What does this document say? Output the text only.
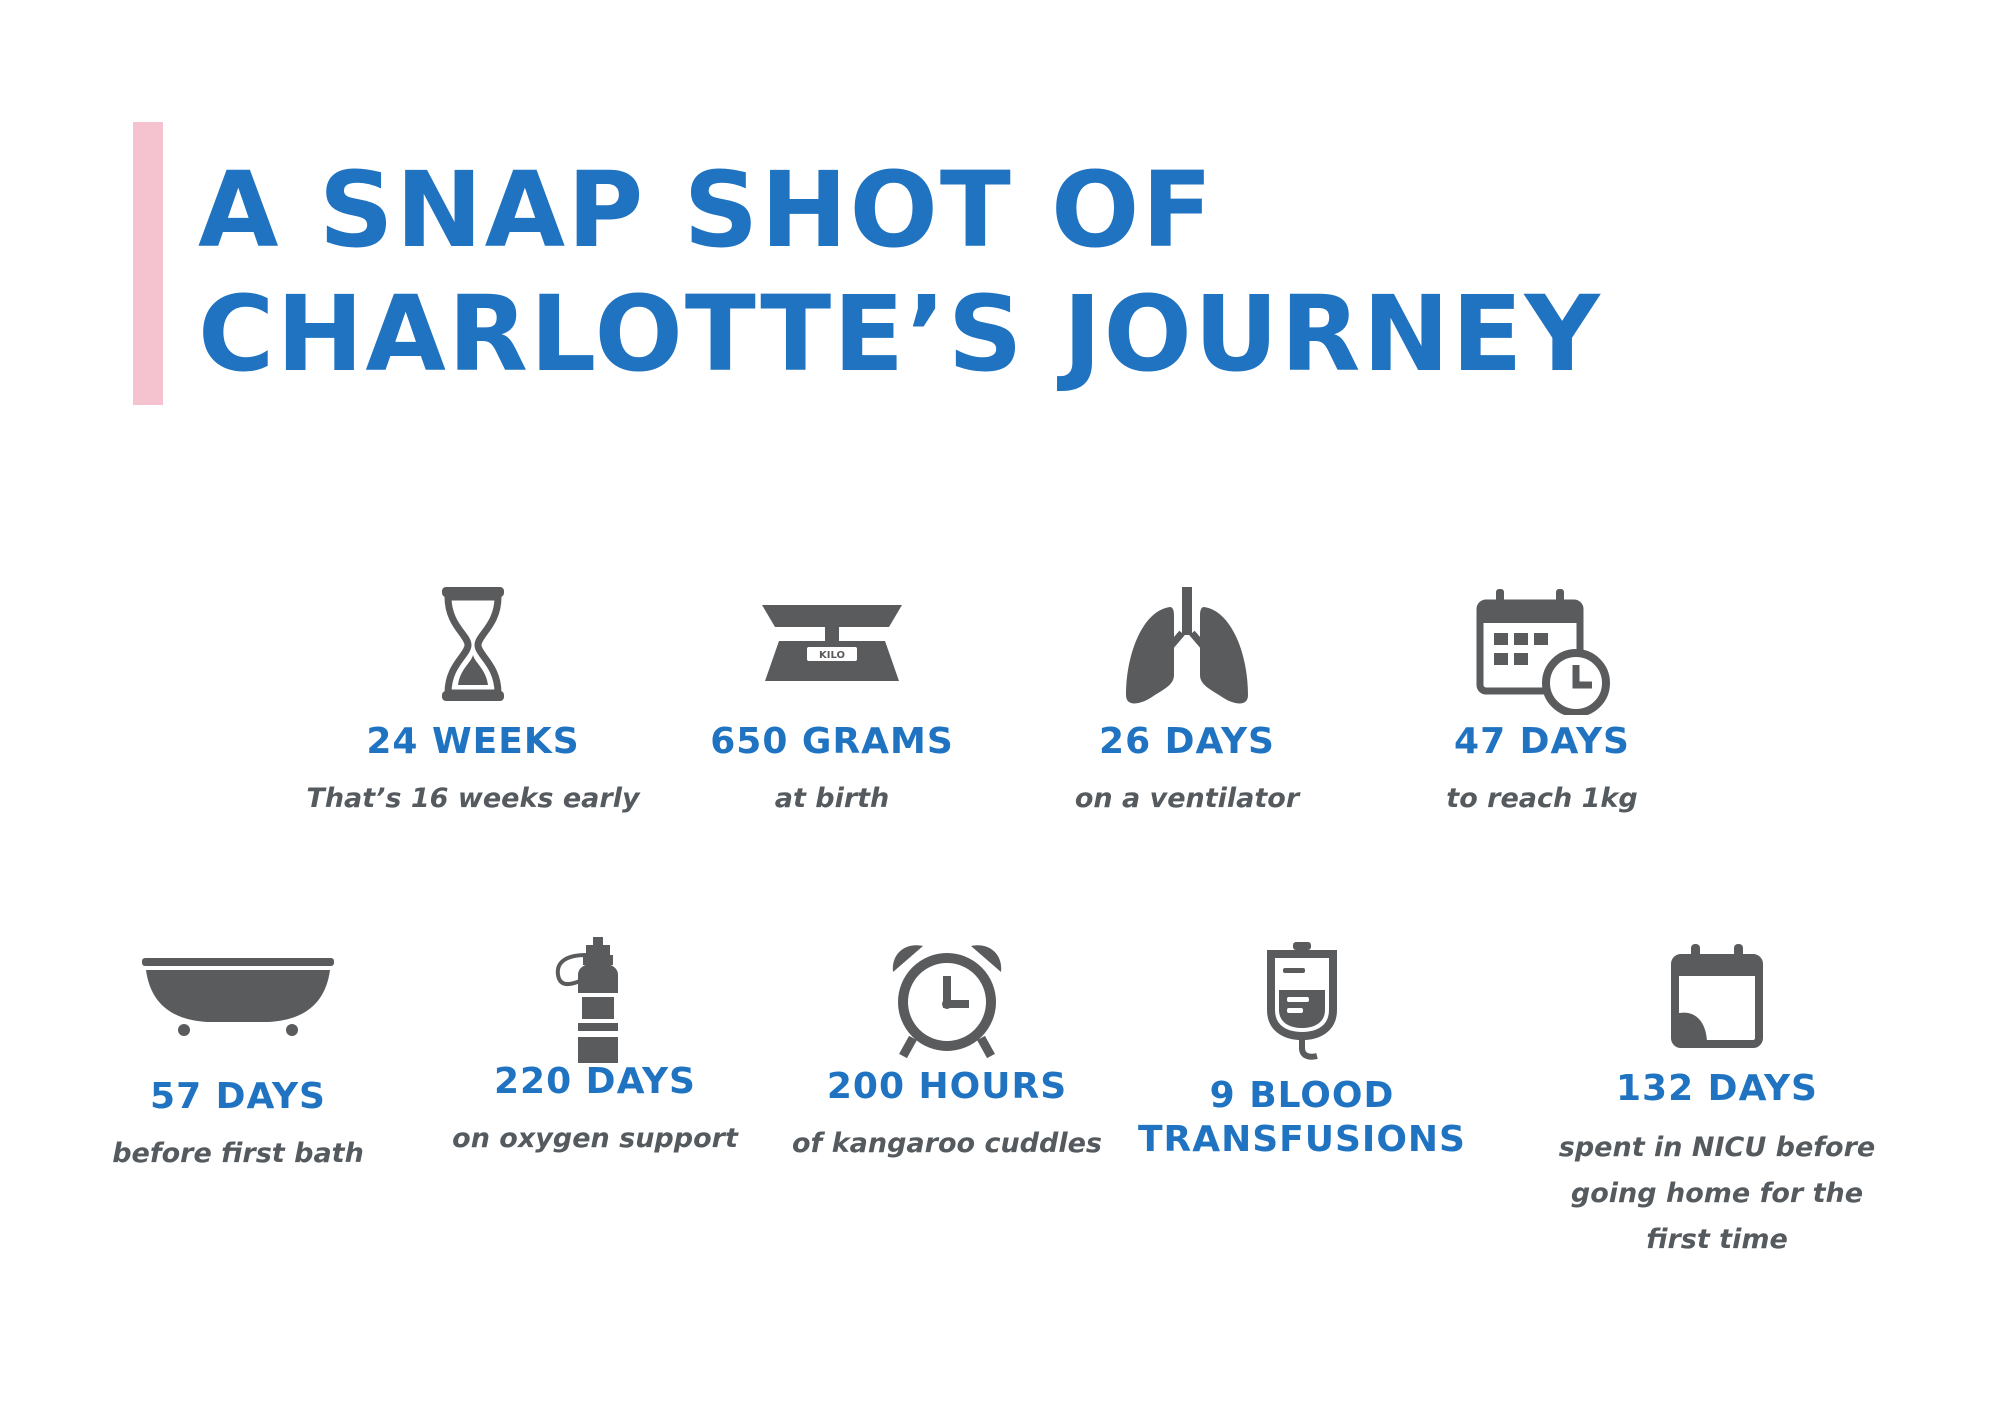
A SNAP SHOT OF
CHARLOTTE’S JOURNEY
24 WEEKS
That’s 16 weeks early
KILO
650 GRAMS
at birth
26 DAYS
on a ventilator
47 DAYS
to reach 1kg
57 DAYS
before first bath
220 DAYS
on oxygen support
200 HOURS
of kangaroo cuddles
9 BLOOD
TRANSFUSIONS
132 DAYS
spent in NICU before
going home for the first time
